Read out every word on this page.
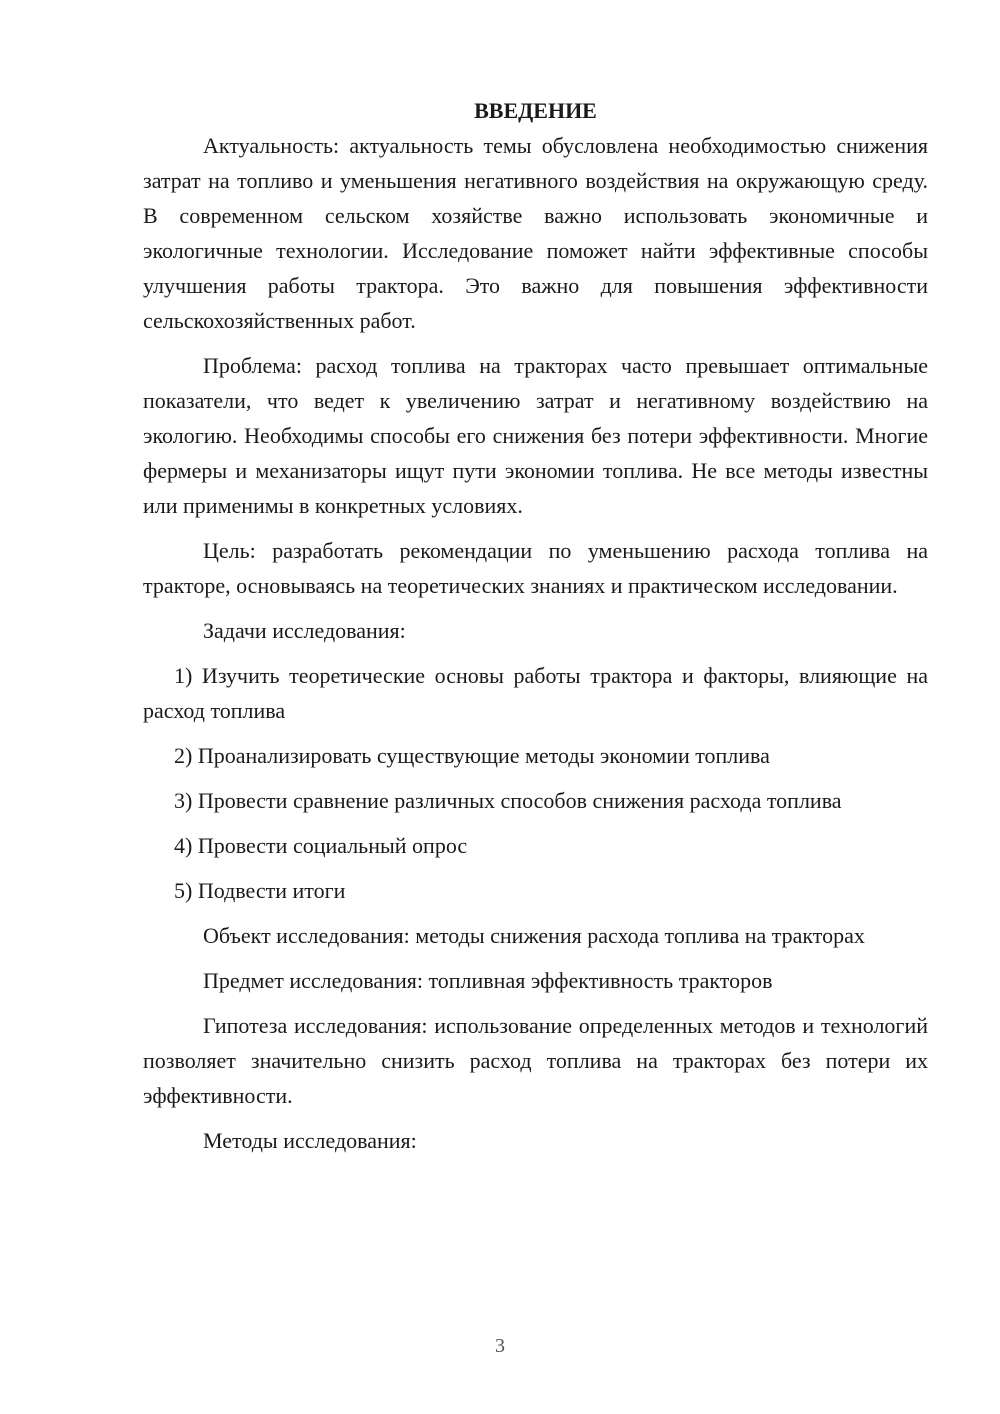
ВВЕДЕНИЕ

Актуальность: актуальность темы обусловлена необходимостью снижения затрат на топливо и уменьшения негативного воздействия на окружающую среду. В современном сельском хозяйстве важно использовать экономичные и экологичные технологии. Исследование поможет найти эффективные способы улучшения работы трактора. Это важно для повышения эффективности сельскохозяйственных работ.

Проблема: расход топлива на тракторах часто превышает оптимальные показатели, что ведет к увеличению затрат и негативному воздействию на экологию. Необходимы способы его снижения без потери эффективности. Многие фермеры и механизаторы ищут пути экономии топлива. Не все методы известны или применимы в конкретных условиях.

Цель: разработать рекомендации по уменьшению расхода топлива на тракторе, основываясь на теоретических знаниях и практическом исследовании.

Задачи исследования:

1) Изучить теоретические основы работы трактора и факторы, влияющие на расход топлива

2) Проанализировать существующие методы экономии топлива

3) Провести сравнение различных способов снижения расхода топлива

4) Провести социальный опрос

5) Подвести итоги

Объект исследования: методы снижения расхода топлива на тракторах

Предмет исследования: топливная эффективность тракторов

Гипотеза исследования: использование определенных методов и технологий позволяет значительно снизить расход топлива на тракторах без потери их эффективности.

Методы исследования:

3
